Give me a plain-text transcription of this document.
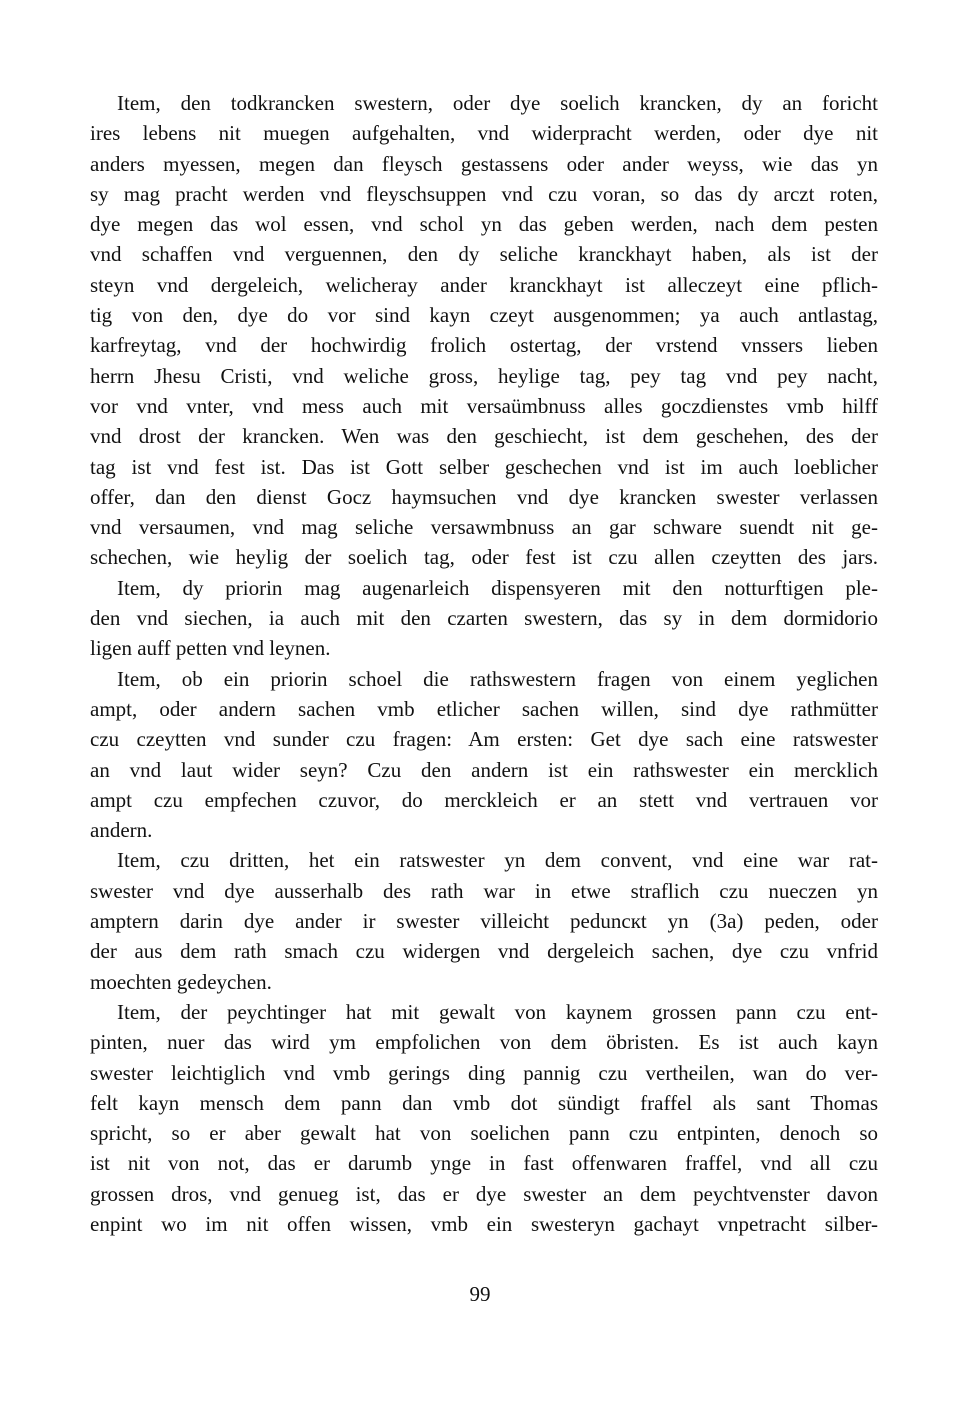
Item, den todkrancken swestern, oder dye soelich krancken, dy an foricht
ires lebens nit muegen aufgehalten, vnd widerpracht werden, oder dye nit
anders myessen, megen dan fleysch gestassens oder ander weyss, wie das yn
sy mag pracht werden vnd fleyschsuppen vnd czu voran, so das dy arczt roten,
dye megen das wol essen, vnd schol yn das geben werden, nach dem pesten
vnd schaffen vnd verguennen, den dy seliche kranckhayt haben, als ist der
steyn vnd dergeleich, welicheray ander kranckhayt ist alleczeyt eine pflich-
tig von den, dye do vor sind kayn czeyt ausgenommen; ya auch antlastag,
karfreytag, vnd der hochwirdig frolich ostertag, der vrstend vnssers lieben
herrn Jhesu Cristi, vnd weliche gross, heylige tag, pey tag vnd pey nacht,
vor vnd vnter, vnd mess auch mit versaümbnuss alles goczdienstes vmb hilff
vnd drost der krancken. Wen was den geschiecht, ist dem geschehen, des der
tag ist vnd fest ist. Das ist Gott selber geschechen vnd ist im auch loeblicher
offer, dan den dienst Gocz haymsuchen vnd dye krancken swester verlassen
vnd versaumen, vnd mag seliche versawmbnuss an gar schware suendt nit ge-
schechen, wie heylig der soelich tag, oder fest ist czu allen czeytten des jars.
Item, dy priorin mag augenarleich dispensyeren mit den notturftigen ple-
den vnd siechen, ia auch mit den czarten swestern, das sy in dem dormidorio
ligen auff petten vnd leynen.
Item, ob ein priorin schoel die rathswestern fragen von einem yeglichen
ampt, oder andern sachen vmb etlicher sachen willen, sind dye rathmütter
czu czeytten vnd sunder czu fragen: Am ersten: Get dye sach eine ratswester
an vnd laut wider seyn? Czu den andern ist ein rathswester ein mercklich
ampt czu empfechen czuvor, do merckleich er an stett vnd vertrauen vor
andern.
Item, czu dritten, het ein ratswester yn dem convent, vnd eine war rat-
swester vnd dye ausserhalb des rath war in etwe straflich czu nueczen yn
amptern darin dye ander ir swester villeicht peduncкt yn (3a) peden, oder
der aus dem rath smach czu widergen vnd dergeleich sachen, dye czu vnfrid
moechten gedeychen.
Item, der peychtinger hat mit gewalt von kaynem grossen pann czu ent-
pinten, nuer das wird ym empfolichen von dem öbristen. Es ist auch kayn
swester leichtiglich vnd vmb gerings ding pannig czu vertheilen, wan do ver-
felt kayn mensch dem pann dan vmb dot sündigt fraffel als sant Thomas
spricht, so er aber gewalt hat von soelichen pann czu entpinten, denoch so
ist nit von not, das er darumb ynge in fast offenwaren fraffel, vnd all czu
grossen dros, vnd genueg ist, das er dye swester an dem peychtvenster davon
enpint wo im nit offen wissen, vmb ein swesteryn gachayt vnpetracht silber-
99
